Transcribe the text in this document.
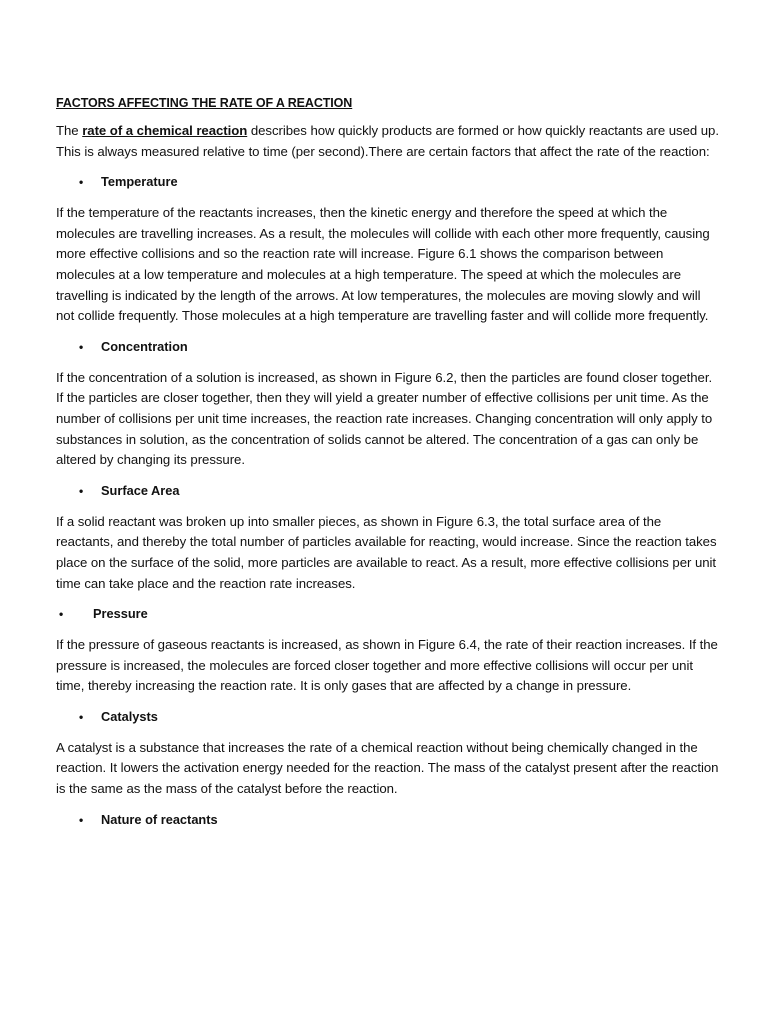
FACTORS AFFECTING THE RATE OF A REACTION

The rate of a chemical reaction describes how quickly products are formed or how quickly reactants are used up. This is always measured relative to time (per second).There are certain factors that affect the rate of the reaction:

• Temperature

If the temperature of the reactants increases, then the kinetic energy and therefore the speed at which the molecules are travelling increases. As a result, the molecules will collide with each other more frequently, causing more effective collisions and so the reaction rate will increase. Figure 6.1 shows the comparison between molecules at a low temperature and molecules at a high temperature. The speed at which the molecules are travelling is indicated by the length of the arrows. At low temperatures, the molecules are moving slowly and will not collide frequently. Those molecules at a high temperature are travelling faster and will collide more frequently.

• Concentration

If the concentration of a solution is increased, as shown in Figure 6.2, then the particles are found closer together. If the particles are closer together, then they will yield a greater number of effective collisions per unit time. As the number of collisions per unit time increases, the reaction rate increases. Changing concentration will only apply to substances in solution, as the concentration of solids cannot be altered. The concentration of a gas can only be altered by changing its pressure.

• Surface Area

If a solid reactant was broken up into smaller pieces, as shown in Figure 6.3, the total surface area of the reactants, and thereby the total number of particles available for reacting, would increase. Since the reaction takes place on the surface of the solid, more particles are available to react. As a result, more effective collisions per unit time can take place and the reaction rate increases.

• Pressure

If the pressure of gaseous reactants is increased, as shown in Figure 6.4, the rate of their reaction increases. If the pressure is increased, the molecules are forced closer together and more effective collisions will occur per unit time, thereby increasing the reaction rate. It is only gases that are affected by a change in pressure.

• Catalysts

A catalyst is a substance that increases the rate of a chemical reaction without being chemically changed in the reaction. It lowers the activation energy needed for the reaction. The mass of the catalyst present after the reaction is the same as the mass of the catalyst before the reaction.

• Nature of reactants
